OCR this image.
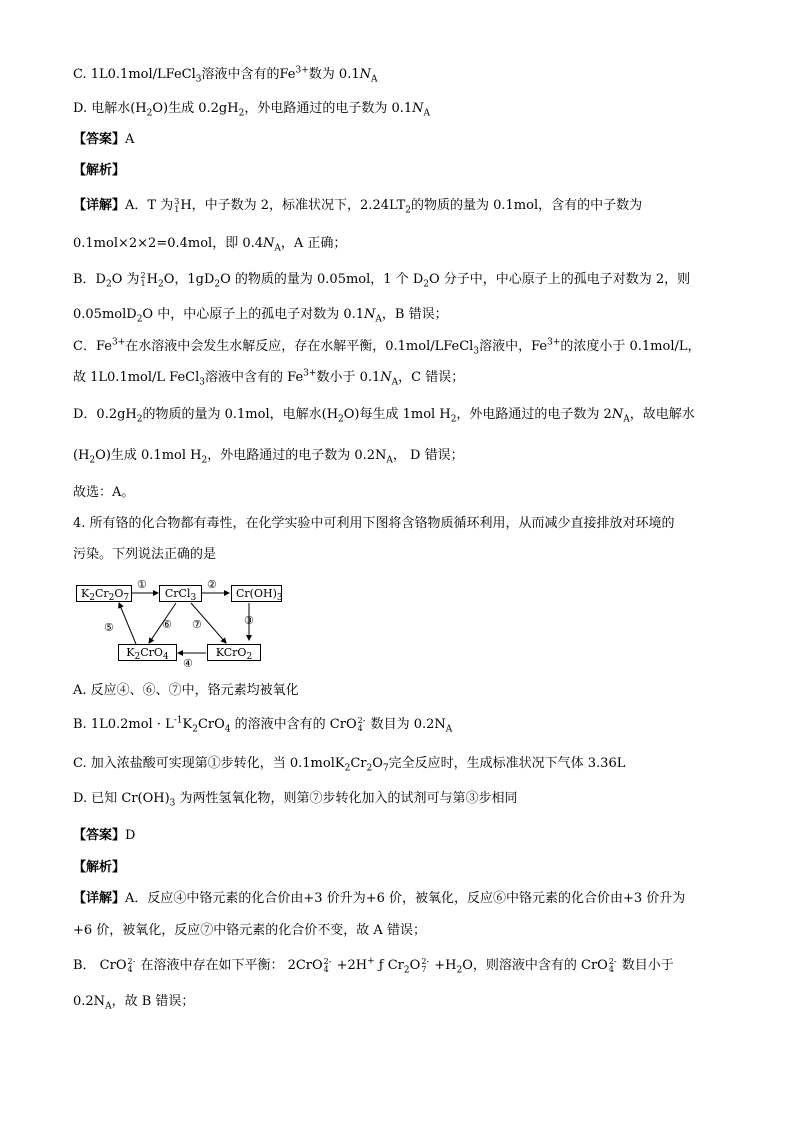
C. 1L0.1mol/LFeCl$_3$溶液中含有的$Fe^{3+}$数为 $0.1N_A$
D. 电解水$(H_2O)$生成 $0.2gH_2$，外电路通过的电子数为 $0.1N_A$
【答案】A
【解析】
【详解】A．T 为 3
1 H，中子数为 2，标准状况下，$2.24LT_2$的物质的量为 0.1mol，含有的中子数为
0.1mol×2×2=0.4mol，即 $0.4N_A$，A 正确；
B．$D_2O$ 为 2
1 $H_2O$，$1gD_2O$ 的物质的量为 0.05mol，1 个 $D_2O$ 分子中，中心原子上的孤电子对数为 2，则
0.05molD$_2$O 中，中心原子上的孤电子对数为 $0.1N_A$，B 错误；
C．$Fe^{3+}$在水溶液中会发生水解反应，存在水解平衡，0.1mol/LFeCl$_3$溶液中，$Fe^{3+}$的浓度小于 0.1mol/L，
故 1L0.1mol/L FeCl$_3$溶液中含有的 $Fe^{3+}$数小于 $0.1N_A$，C 错误；
D．$0.2gH_2$的物质的量为 0.1mol，电解水$(H_2O)$每生成 1mol $H_2$，外电路通过的电子数为 $2N_A$，故电解水
$(H_2O)$生成 0.1mol $H_2$，外电路通过的电子数为 $0.2N_A$， D 错误；
故选：A。
4. 所有铬的化合物都有毒性，在化学实验中可利用下图将含铬物质循环利用，从而减少直接排放对环境的
污染。下列说法正确的是
$K_2Cr_2O_7$	CrCl$_3$	$Cr(OH)_3$
$K_2CrO_4$	KCrO$_2$
①	②
③
④
⑤	⑥ ⑦
A. 反应④、⑥、⑦中，铬元素均被氧化
B. $1L0.2mol \cdot L^{-1}K_2CrO_4$ 的溶液中含有的 CrO 2-
4 数目为 $0.2N_A$
C. 加入浓盐酸可实现第①步转化，当 $0.1molK_2Cr_2O_7$完全反应时，生成标准状况下气体 3.36L
D. 已知 $Cr(OH)_3$ 为两性氢氧化物，则第⑦步转化加入的试剂可与第③步相同
【答案】D
【解析】
【详解】A．反应④中铬元素的化合价由+3 价升为+6 价，被氧化，反应⑥中铬元素的化合价由+3 价升为
+6 价，被氧化，反应⑦中铬元素的化合价不变，故 A 错误；
B． CrO 2-
4 在溶液中存在如下平衡： 2CrO 2-
4 +2H+ ƒ $Cr_2O$ 2-
$7 +H_2O$，则溶液中含有的 CrO 2-
4 数目小于
$0.2N_A$，故 B 错误；
